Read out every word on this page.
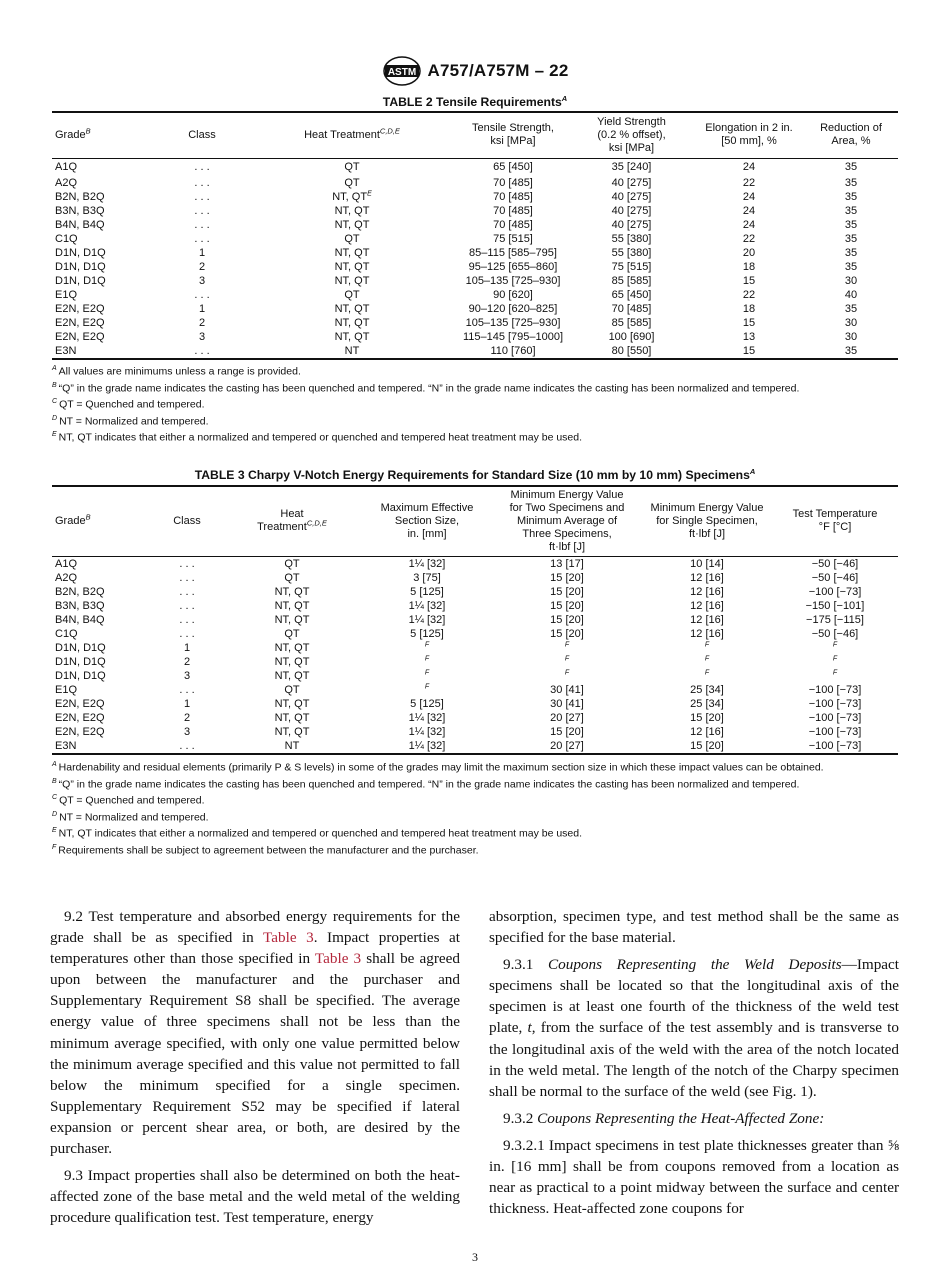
ASTM A757/A757M – 22
TABLE 2 Tensile Requirements$^A$
Grade$^B$	Class	Heat Treatment$^{C,D,E}$	Tensile Strength,
ksi [MPa]	Yield Strength
(0.2 % offset),
ksi [MPa]	Elongation in 2 in.
[50 mm], %	Reduction of
Area, %
A1Q	. . .	QT	65 [450]	35 [240]	24	35
A2Q	. . .	QT	70 [485]	40 [275]	22	35
B2N, B2Q	. . .	NT, QT$^E$	70 [485]	40 [275]	24	35
B3N, B3Q	. . .	NT, QT	70 [485]	40 [275]	24	35
B4N, B4Q	. . .	NT, QT	70 [485]	40 [275]	24	35
C1Q	. . .	QT	75 [515]	55 [380]	22	35
D1N, D1Q	1	NT, QT	85–115 [585–795]	55 [380]	20	35
D1N, D1Q	2	NT, QT	95–125 [655–860]	75 [515]	18	35
D1N, D1Q	3	NT, QT	105–135 [725–930]	85 [585]	15	30
E1Q	. . .	QT	90 [620]	65 [450]	22	40
E2N, E2Q	1	NT, QT	90–120 [620–825]	70 [485]	18	35
E2N, E2Q	2	NT, QT	105–135 [725–930]	85 [585]	15	30
E2N, E2Q	3	NT, QT	115–145 [795–1000]	100 [690]	13	30
E3N	. . .	NT	110 [760]	80 [550]	15	35
$^A$ All values are minimums unless a range is provided.
$^B$ “Q” in the grade name indicates the casting has been quenched and tempered. “N” in the grade name indicates the casting has been normalized and tempered.
$^C$ QT = Quenched and tempered.
$^D$ NT = Normalized and tempered.
$^E$ NT, QT indicates that either a normalized and tempered or quenched and tempered heat treatment may be used.
TABLE 3 Charpy V-Notch Energy Requirements for Standard Size (10 mm by 10 mm) Specimens$^A$
Grade$^B$	Class	Heat
Treatment$^{C,D,E}$	Maximum Effective
Section Size,
in. [mm]	Minimum Energy Value
for Two Specimens and
Minimum Average of
Three Specimens,
ft·lbf [J]	Minimum Energy Value
for Single Specimen,
ft·lbf [J]	Test Temperature
°F [°C]
A1Q	. . .	QT	1¼ [32]	13 [17]	10 [14]	−50 [−46]
A2Q	. . .	QT	3 [75]	15 [20]	12 [16]	−50 [−46]
B2N, B2Q	. . .	NT, QT	5 [125]	15 [20]	12 [16]	−100 [−73]
B3N, B3Q	. . .	NT, QT	1¼ [32]	15 [20]	12 [16]	−150 [−101]
B4N, B4Q	. . .	NT, QT	1¼ [32]	15 [20]	12 [16]	−175 [−115]
C1Q	. . .	QT	5 [125]	15 [20]	12 [16]	−50 [−46]
D1N, D1Q	1	NT, QT	$^F$	$^F$	$^F$	$^F$
D1N, D1Q	2	NT, QT	$^F$	$^F$	$^F$	$^F$
D1N, D1Q	3	NT, QT	$^F$	$^F$	$^F$	$^F$
E1Q	. . .	QT	$^F$	30 [41]	25 [34]	−100 [−73]
E2N, E2Q	1	NT, QT	5 [125]	30 [41]	25 [34]	−100 [−73]
E2N, E2Q	2	NT, QT	1¼ [32]	20 [27]	15 [20]	−100 [−73]
E2N, E2Q	3	NT, QT	1¼ [32]	15 [20]	12 [16]	−100 [−73]
E3N	. . .	NT	1¼ [32]	20 [27]	15 [20]	−100 [−73]
$^A$ Hardenability and residual elements (primarily P & S levels) in some of the grades may limit the maximum section size in which these impact values can be obtained.
$^B$ “Q” in the grade name indicates the casting has been quenched and tempered. “N” in the grade name indicates the casting has been normalized and tempered.
$^C$ QT = Quenched and tempered.
$^D$ NT = Normalized and tempered.
$^E$ NT, QT indicates that either a normalized and tempered or quenched and tempered heat treatment may be used.
$^F$ Requirements shall be subject to agreement between the manufacturer and the purchaser.

9.2 Test temperature and absorbed energy requirements for the grade shall be as specified in Table 3. Impact properties at temperatures other than those specified in Table 3 shall be agreed upon between the manufacturer and the purchaser and Supplementary Requirement S8 shall be specified. The average energy value of three specimens shall not be less than the minimum average specified, with only one value permitted below the minimum average specified and this value not permitted to fall below the minimum specified for a single specimen. Supplementary Requirement S52 may be specified if lateral expansion or percent shear area, or both, are desired by the purchaser.

9.3 Impact properties shall also be determined on both the heat-affected zone of the base metal and the weld metal of the welding procedure qualification test. Test temperature, energy

absorption, specimen type, and test method shall be the same as specified for the base material.

9.3.1 Coupons Representing the Weld Deposits—Impact specimens shall be located so that the longitudinal axis of the specimen is at least one fourth of the thickness of the weld test plate, t, from the surface of the test assembly and is transverse to the longitudinal axis of the weld with the area of the notch located in the weld metal. The length of the notch of the Charpy specimen shall be normal to the surface of the weld (see Fig. 1).

9.3.2 Coupons Representing the Heat-Affected Zone:

9.3.2.1 Impact specimens in test plate thicknesses greater than ⅝ in. [16 mm] shall be from coupons removed from a location as near as practical to a point midway between the surface and center thickness. Heat-affected zone coupons for

3
